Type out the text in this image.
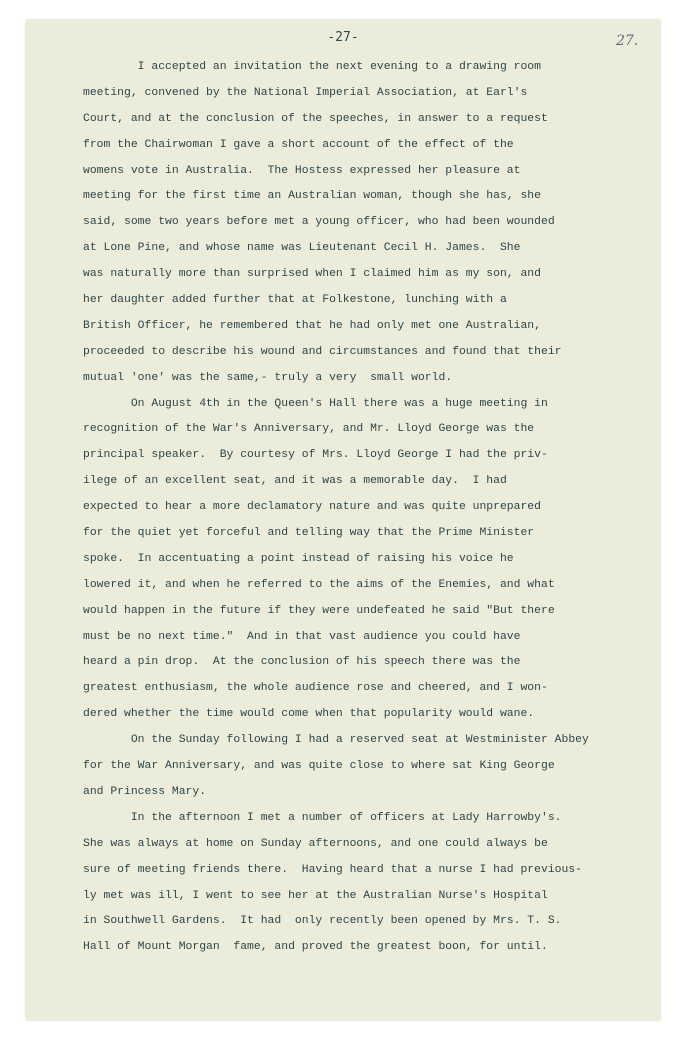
-27-	27.
I accepted an invitation the next evening to a drawing room
meeting, convened by the National Imperial Association, at Earl's
Court, and at the conclusion of the speeches, in answer to a request
from the Chairwoman I gave a short account of the effect of the
womens vote in Australia.  The Hostess expressed her pleasure at
meeting for the first time an Australian woman, though she has, she
said, some two years before met a young officer, who had been wounded
at Lone Pine, and whose name was Lieutenant Cecil H. James.  She
was naturally more than surprised when I claimed him as my son, and
her daughter added further that at Folkestone, lunching with a
British Officer, he remembered that he had only met one Australian,
proceeded to describe his wound and circumstances and found that their
mutual 'one' was the same,- truly a very  small world.
On August 4th in the Queen's Hall there was a huge meeting in
recognition of the War's Anniversary, and Mr. Lloyd George was the
principal speaker.  By courtesy of Mrs. Lloyd George I had the priv-
ilege of an excellent seat, and it was a memorable day.  I had
expected to hear a more declamatory nature and was quite unprepared
for the quiet yet forceful and telling way that the Prime Minister
spoke.  In accentuating a point instead of raising his voice he
lowered it, and when he referred to the aims of the Enemies, and what
would happen in the future if they were undefeated he said "But there
must be no next time."  And in that vast audience you could have
heard a pin drop.  At the conclusion of his speech there was the
greatest enthusiasm, the whole audience rose and cheered, and I won-
dered whether the time would come when that popularity would wane.
On the Sunday following I had a reserved seat at Westminister Abbey
for the War Anniversary, and was quite close to where sat King George
and Princess Mary.
In the afternoon I met a number of officers at Lady Harrowby's.
She was always at home on Sunday afternoons, and one could always be
sure of meeting friends there.  Having heard that a nurse I had previous-
ly met was ill, I went to see her at the Australian Nurse's Hospital
in Southwell Gardens.  It had  only recently been opened by Mrs. T. S.
Hall of Mount Morgan  fame, and proved the greatest boon, for until.
